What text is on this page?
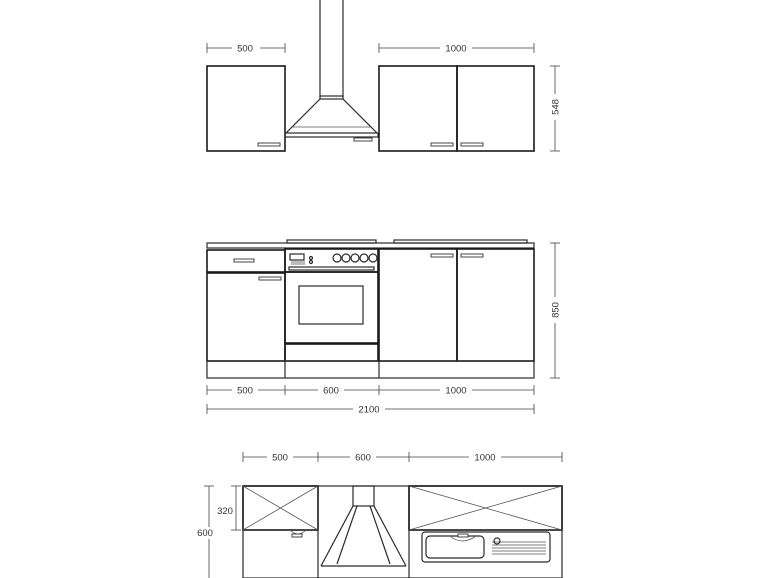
500	1000
548
850
500	600	1000
2100
500	600	1000
600
320
